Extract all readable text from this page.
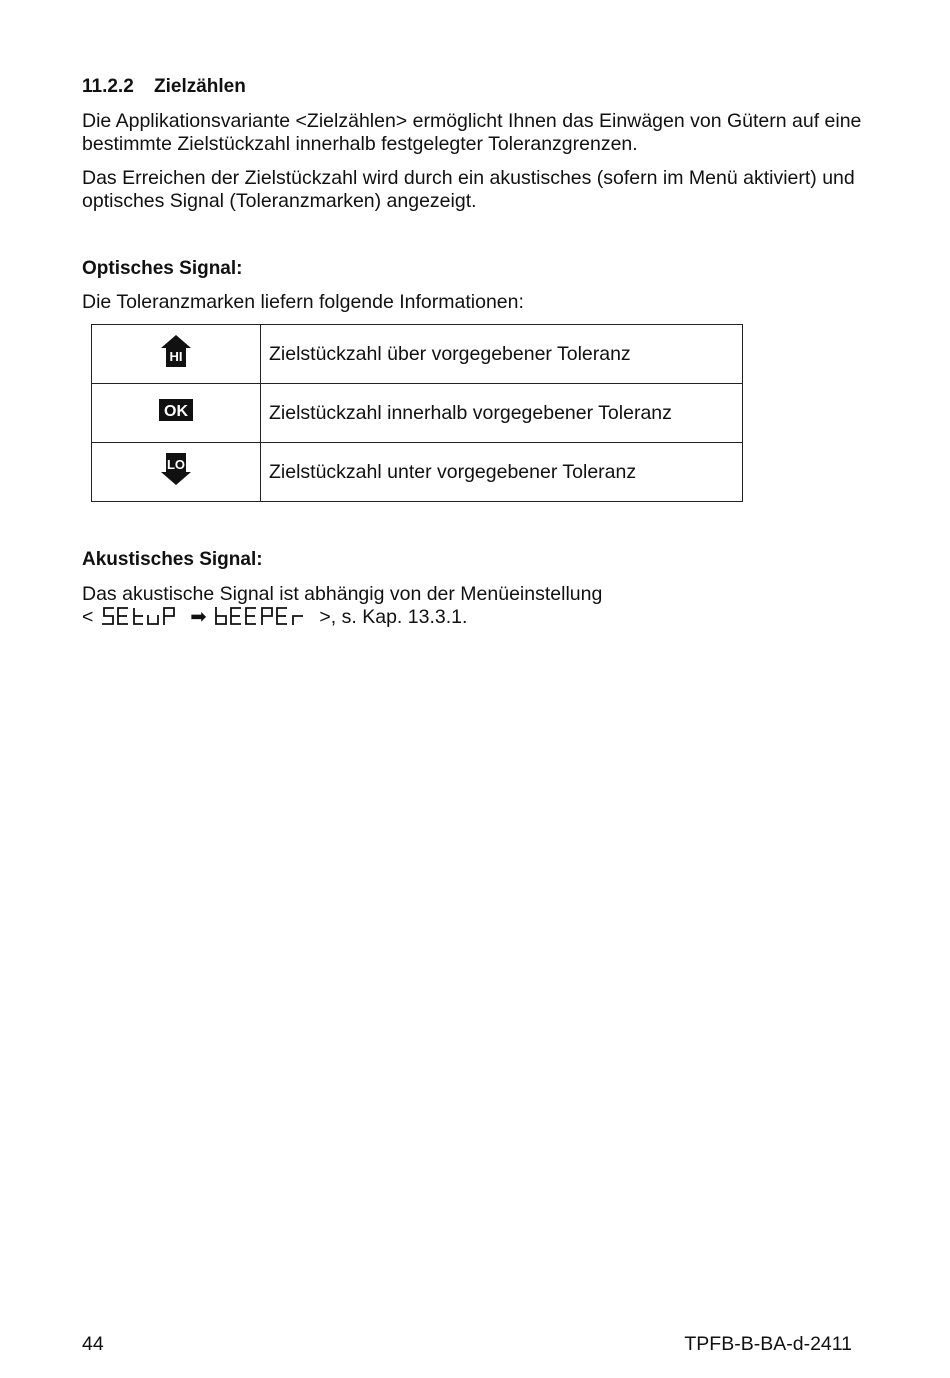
11.2.2 Zielzählen
Die Applikationsvariante <Zielzählen> ermöglicht Ihnen das Einwägen von Gütern auf eine bestimmte Zielstückzahl innerhalb festgelegter Toleranzgrenzen.
Das Erreichen der Zielstückzahl wird durch ein akustisches (sofern im Menü aktiviert) und optisches Signal (Toleranzmarken) angezeigt.
Optisches Signal:
Die Toleranzmarken liefern folgende Informationen:
HI	Zielstückzahl über vorgegebener Toleranz

OK	Zielstückzahl innerhalb vorgegebener Toleranz

LO	Zielstückzahl unter vorgegebener Toleranz
Akustisches Signal:
Das akustische Signal ist abhängig von der Menüeinstellung
<	➡	>, s. Kap. 13.3.1.
44	TPFB-B-BA-d-2411
